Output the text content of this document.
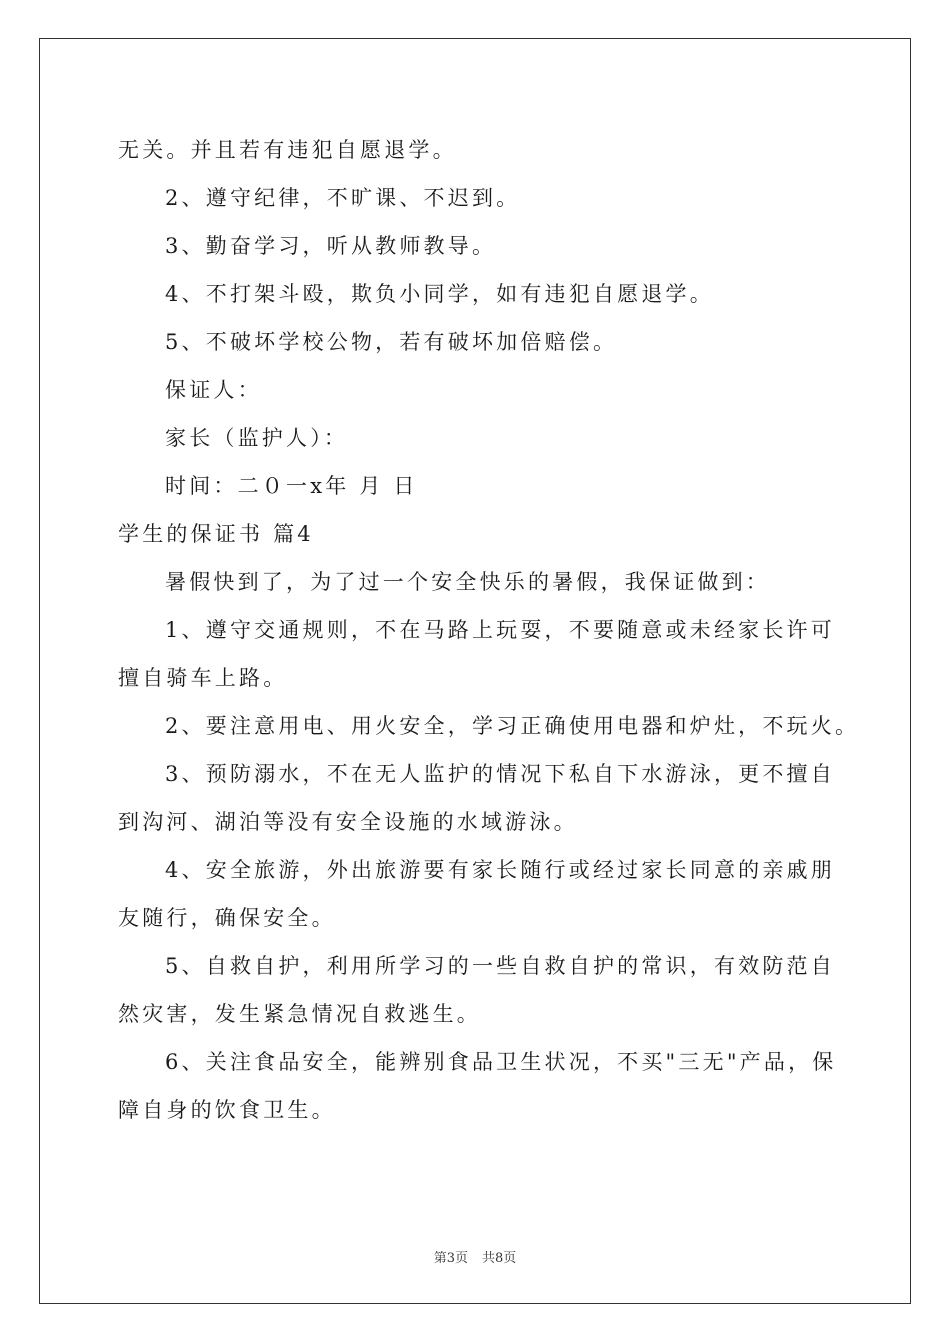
无关。并且若有违犯自愿退学。
2、遵守纪律，不旷课、不迟到。
3、勤奋学习，听从教师教导。
4、不打架斗殴，欺负小同学，如有违犯自愿退学。
5、不破坏学校公物，若有破坏加倍赔偿。
保证人：
家长（监护人）：
时间：二０一x年 月 日
学生的保证书 篇4
暑假快到了，为了过一个安全快乐的暑假，我保证做到：
1、遵守交通规则，不在马路上玩耍，不要随意或未经家长许可
擅自骑车上路。
2、要注意用电、用火安全，学习正确使用电器和炉灶，不玩火。
3、预防溺水，不在无人监护的情况下私自下水游泳，更不擅自
到沟河、湖泊等没有安全设施的水域游泳。
4、安全旅游，外出旅游要有家长随行或经过家长同意的亲戚朋
友随行，确保安全。
5、自救自护，利用所学习的一些自救自护的常识，有效防范自
然灾害，发生紧急情况自救逃生。
6、关注食品安全，能辨别食品卫生状况，不买"三无"产品，保
障自身的饮食卫生。
第3页 共8页
